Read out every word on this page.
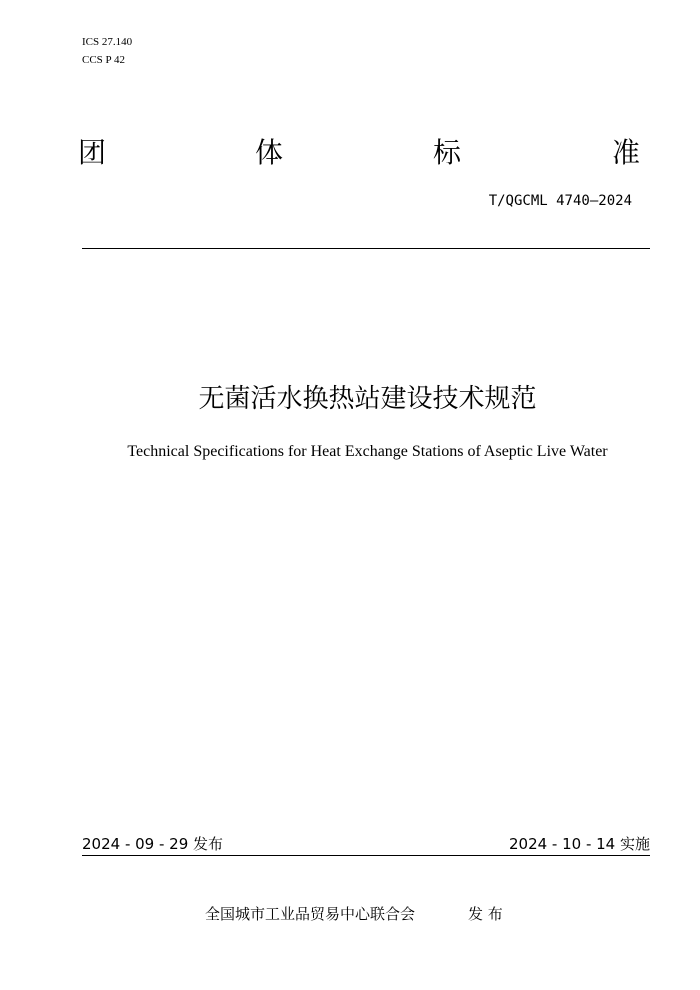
ICS 27.140
CCS P 42
团	体	标	准
T/QGCML 4740—2024
无菌活水换热站建设技术规范
Technical Specifications for Heat Exchange Stations of Aseptic Live Water
2024 - 09 - 29 发布	2024 - 10 - 14 实施
全国城市工业品贸易中心联合会	发 布
